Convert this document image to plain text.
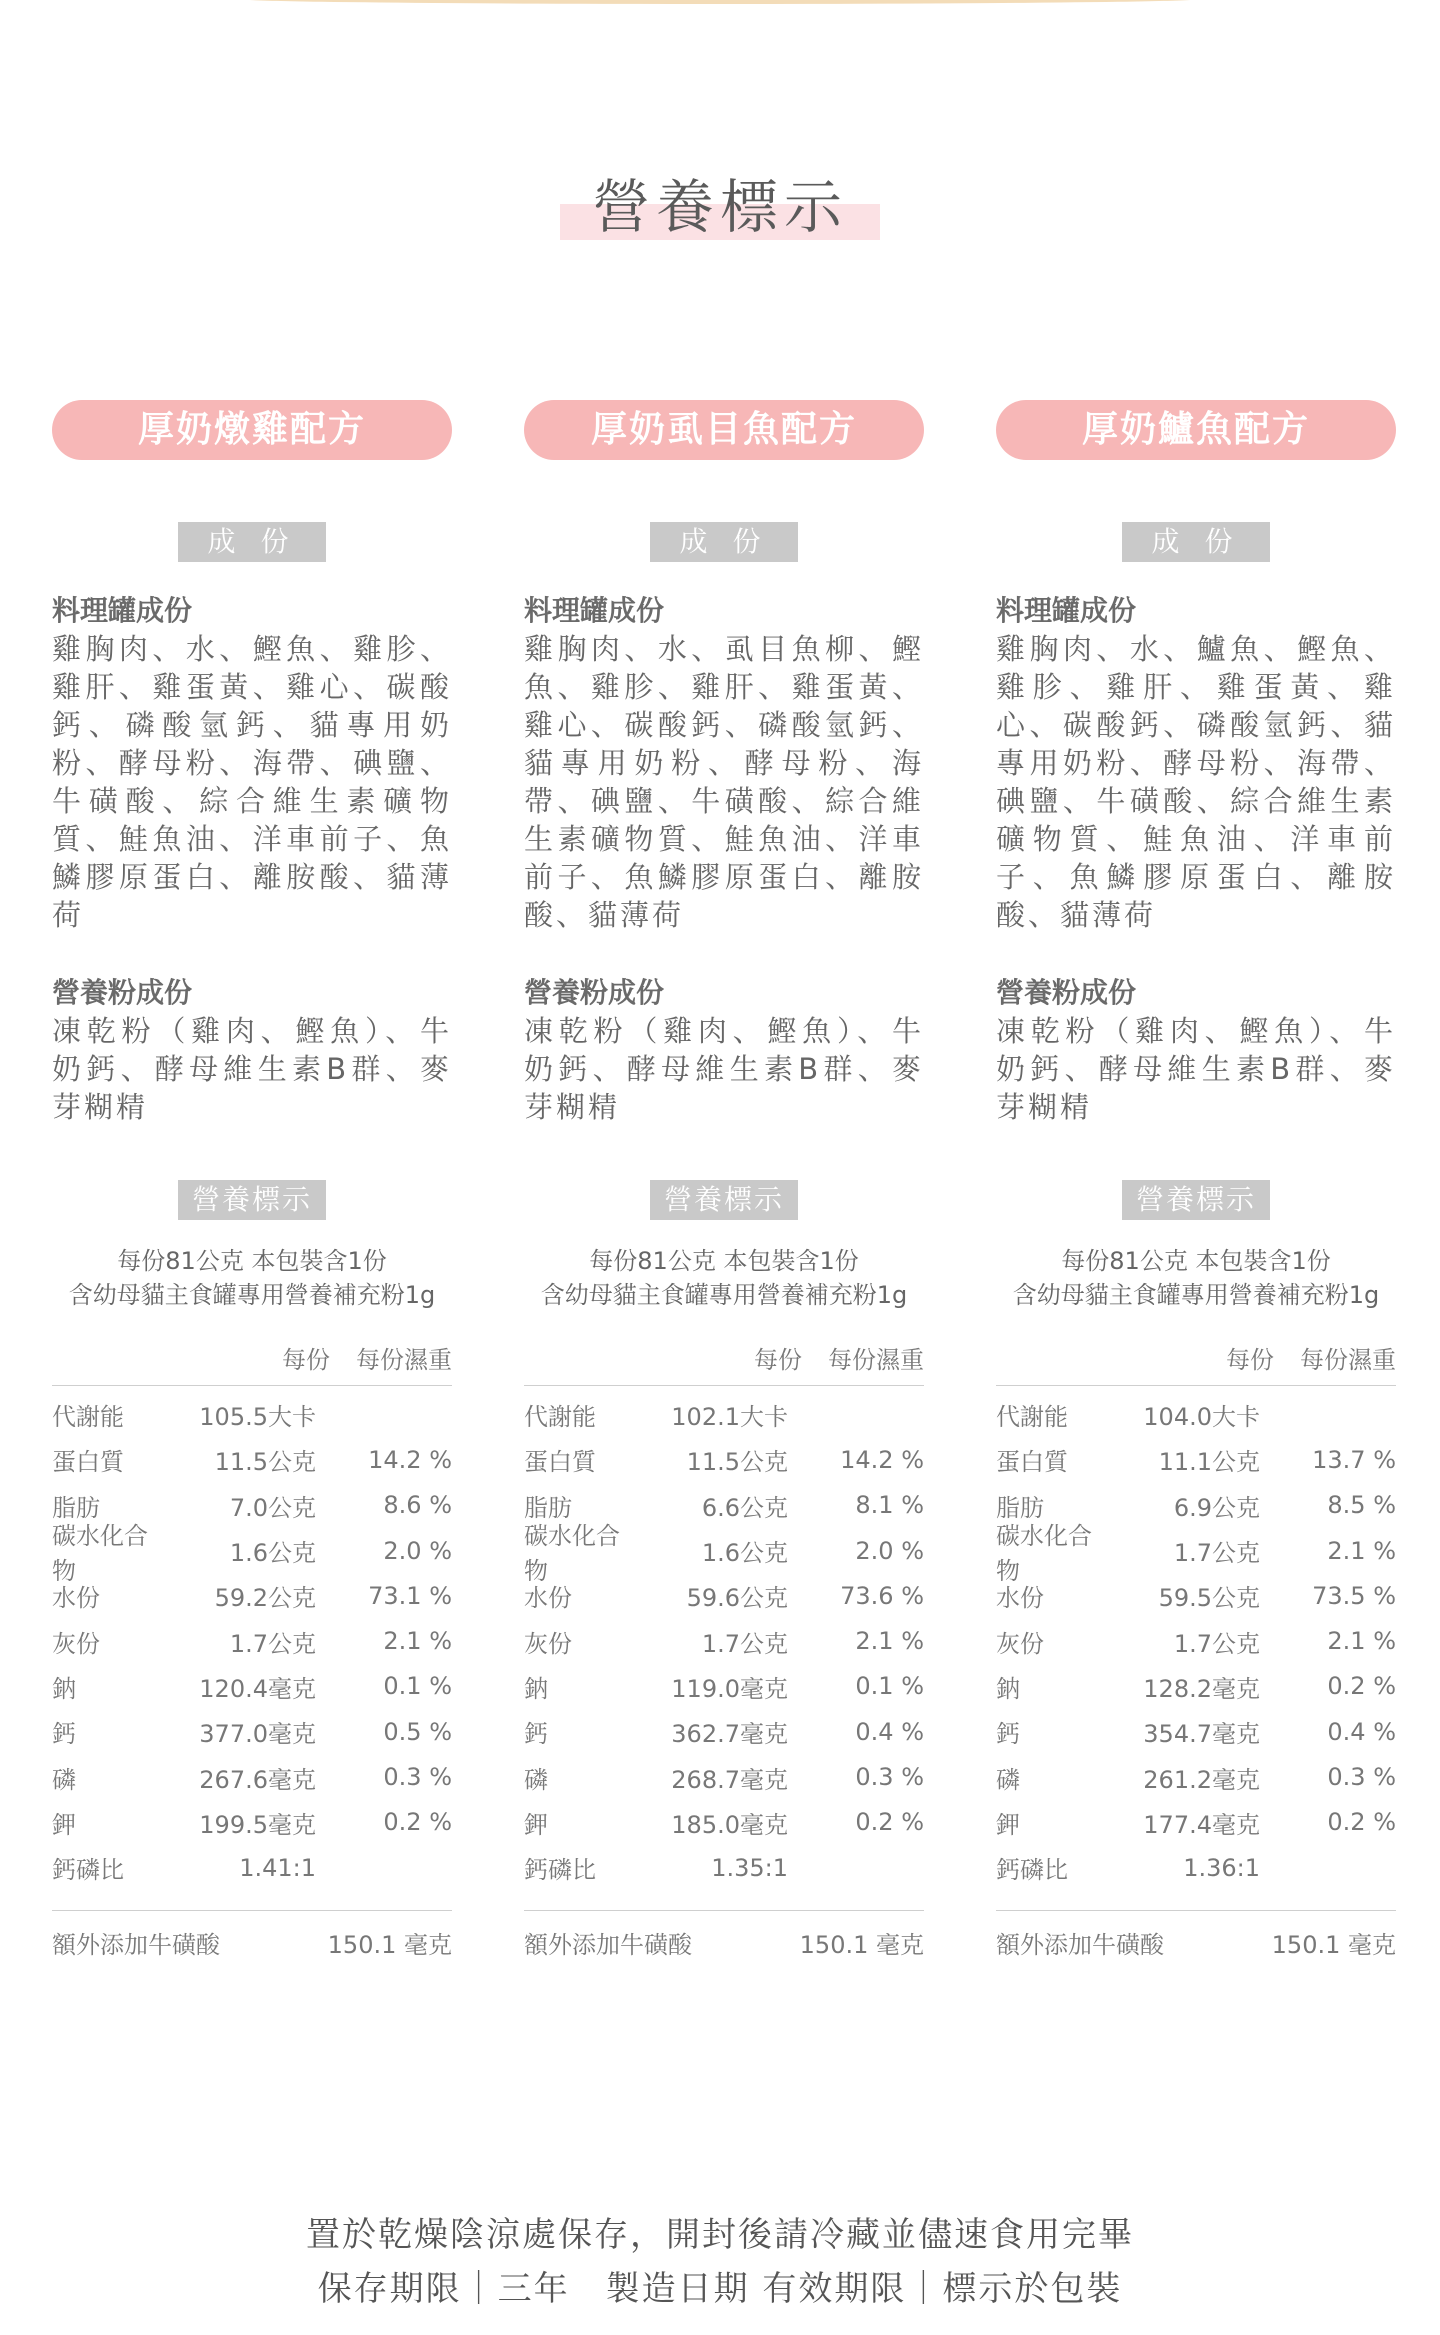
營養標示
厚奶燉雞配方
成 份

料理罐成份

雞胸肉、水、鰹魚、雞胗、雞肝、雞蛋黃、雞心、碳酸鈣、磷酸氫鈣、貓專用奶粉、酵母粉、海帶、碘鹽、牛磺酸、綜合維生素礦物質、鮭魚油、洋車前子、魚鱗膠原蛋白、離胺酸、貓薄荷

營養粉成份

凍乾粉（雞肉、鰹魚）、牛奶鈣、酵母維生素B群、麥芽糊精

營養標示
每份81公克 本包裝含1份
含幼母貓主食罐專用營養補充粉1g
每份 每份濕重
代謝能	105.5大卡
蛋白質	11.5公克	14.2 %
脂肪	7.0公克	8.6 %
碳水化合物
1.6公克	2.0 %
水份	59.2公克	73.1 %
灰份	1.7公克	2.1 %
鈉	120.4毫克	0.1 %
鈣	377.0毫克	0.5 %
磷	267.6毫克	0.3 %
鉀	199.5毫克	0.2 %
鈣磷比	1.41:1
額外添加牛磺酸	150.1 毫克
厚奶虱目魚配方
成 份

料理罐成份

雞胸肉、水、虱目魚柳、鰹魚、雞胗、雞肝、雞蛋黃、雞心、碳酸鈣、磷酸氫鈣、貓專用奶粉、酵母粉、海帶、碘鹽、牛磺酸、綜合維生素礦物質、鮭魚油、洋車前子、魚鱗膠原蛋白、離胺酸、貓薄荷

營養粉成份

凍乾粉（雞肉、鰹魚）、牛奶鈣、酵母維生素B群、麥芽糊精

營養標示
每份81公克 本包裝含1份
含幼母貓主食罐專用營養補充粉1g
每份 每份濕重
代謝能	102.1大卡
蛋白質	11.5公克	14.2 %
脂肪	6.6公克	8.1 %
碳水化合物
1.6公克	2.0 %
水份	59.6公克	73.6 %
灰份	1.7公克	2.1 %
鈉	119.0毫克	0.1 %
鈣	362.7毫克	0.4 %
磷	268.7毫克	0.3 %
鉀	185.0毫克	0.2 %
鈣磷比	1.35:1
額外添加牛磺酸	150.1 毫克
厚奶鱸魚配方
成 份

料理罐成份

雞胸肉、水、鱸魚、鰹魚、雞胗、雞肝、雞蛋黃、雞心、碳酸鈣、磷酸氫鈣、貓專用奶粉、酵母粉、海帶、碘鹽、牛磺酸、綜合維生素礦物質、鮭魚油、洋車前子、魚鱗膠原蛋白、離胺酸、貓薄荷

營養粉成份

凍乾粉（雞肉、鰹魚）、牛奶鈣、酵母維生素B群、麥芽糊精

營養標示
每份81公克 本包裝含1份
含幼母貓主食罐專用營養補充粉1g
每份 每份濕重
代謝能	104.0大卡
蛋白質	11.1公克	13.7 %
脂肪	6.9公克	8.5 %
碳水化合物
1.7公克	2.1 %
水份	59.5公克	73.5 %
灰份	1.7公克	2.1 %
鈉	128.2毫克	0.2 %
鈣	354.7毫克	0.4 %
磷	261.2毫克	0.3 %
鉀	177.4毫克	0.2 %
鈣磷比	1.36:1
額外添加牛磺酸	150.1 毫克
置於乾燥陰涼處保存，開封後請冷藏並儘速食用完畢
保存期限｜三年　製造日期 有效期限｜標示於包裝
